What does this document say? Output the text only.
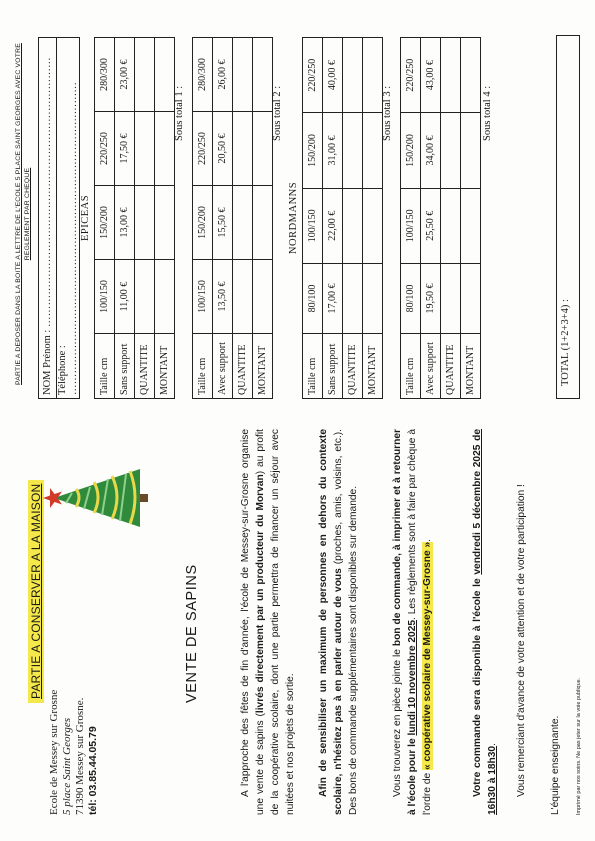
PARTIE A CONSERVER A LA MAISON
Ecole de Messey sur Grosne 5 place Saint Georges 71390 Messey sur Grosne. tél: 03.85.44.05.79
VENTE DE SAPINS	A l'approche des fêtes de fin d'année, l'école de Messey-sur-Grosne organise une vente de sapins (livrés directement par un producteur du Morvan) au profit de la coopérative scolaire, dont une partie permettra de financer un séjour avec nuitées et nos projets de sortie. Afin de sensibiliser un maximum de personnes en dehors du contexte scolaire, n'hésitez pas à en parler autour de vous (proches, amis, voisins, etc.). Des bons de commande supplémentaires sont disponibles sur demande.	Vous trouverez en pièce jointe le bon de commande, à imprimer et à retourner à l'école pour le lundi 10 novembre 2025. Les règlements sont à faire par chèque à l'ordre de « coopérative scolaire de Messey-sur-Grosne ».
Votre commande sera disponible à l'école le vendredi 5 décembre 2025 de 16h30 à 18h30. Vous remerciant d'avance de votre attention et de votre participation ! L'équipe enseignante.	Imprimé par nos soins. Ne pas jeter sur la voie publique.
PARTIE A DEPOSER DANS LA BOITE A LETTRE DE L'ECOLE 5 PLACE SAINT GEORGES AVEC VOTRE REGLEMENT PAR CHEQUE
NOM Prénom : …………………………………………………………………
Téléphone : …………………………………………………………………………… EPICEAS
Taille cm	100/150	150/200	220/250	280/300
Sans support	11,00 €	13,00 €	17,50 €	23,00 €
QUANTITE				
MONTANT				
Sous total 1 :
Taille cm	100/150	150/200	220/250	280/300
Avec support	13,50 €	15,50 €	20,50 €	26,00 €
QUANTITE				
MONTANT				
Sous total 2 :
NORDMANNS
Taille cm	80/100	100/150	150/200	220/250
Sans support	17,00 €	22,00 €	31,00 €	40,00 €
QUANTITE				
MONTANT				
Sous total 3 :
Taille cm	80/100	100/150	150/200	220/250
Avec support	19,50 €	25,50 €	34,00 €	43,00 €
QUANTITE				
MONTANT				
Sous total 4 :
TOTAL (1+2+3+4) :
